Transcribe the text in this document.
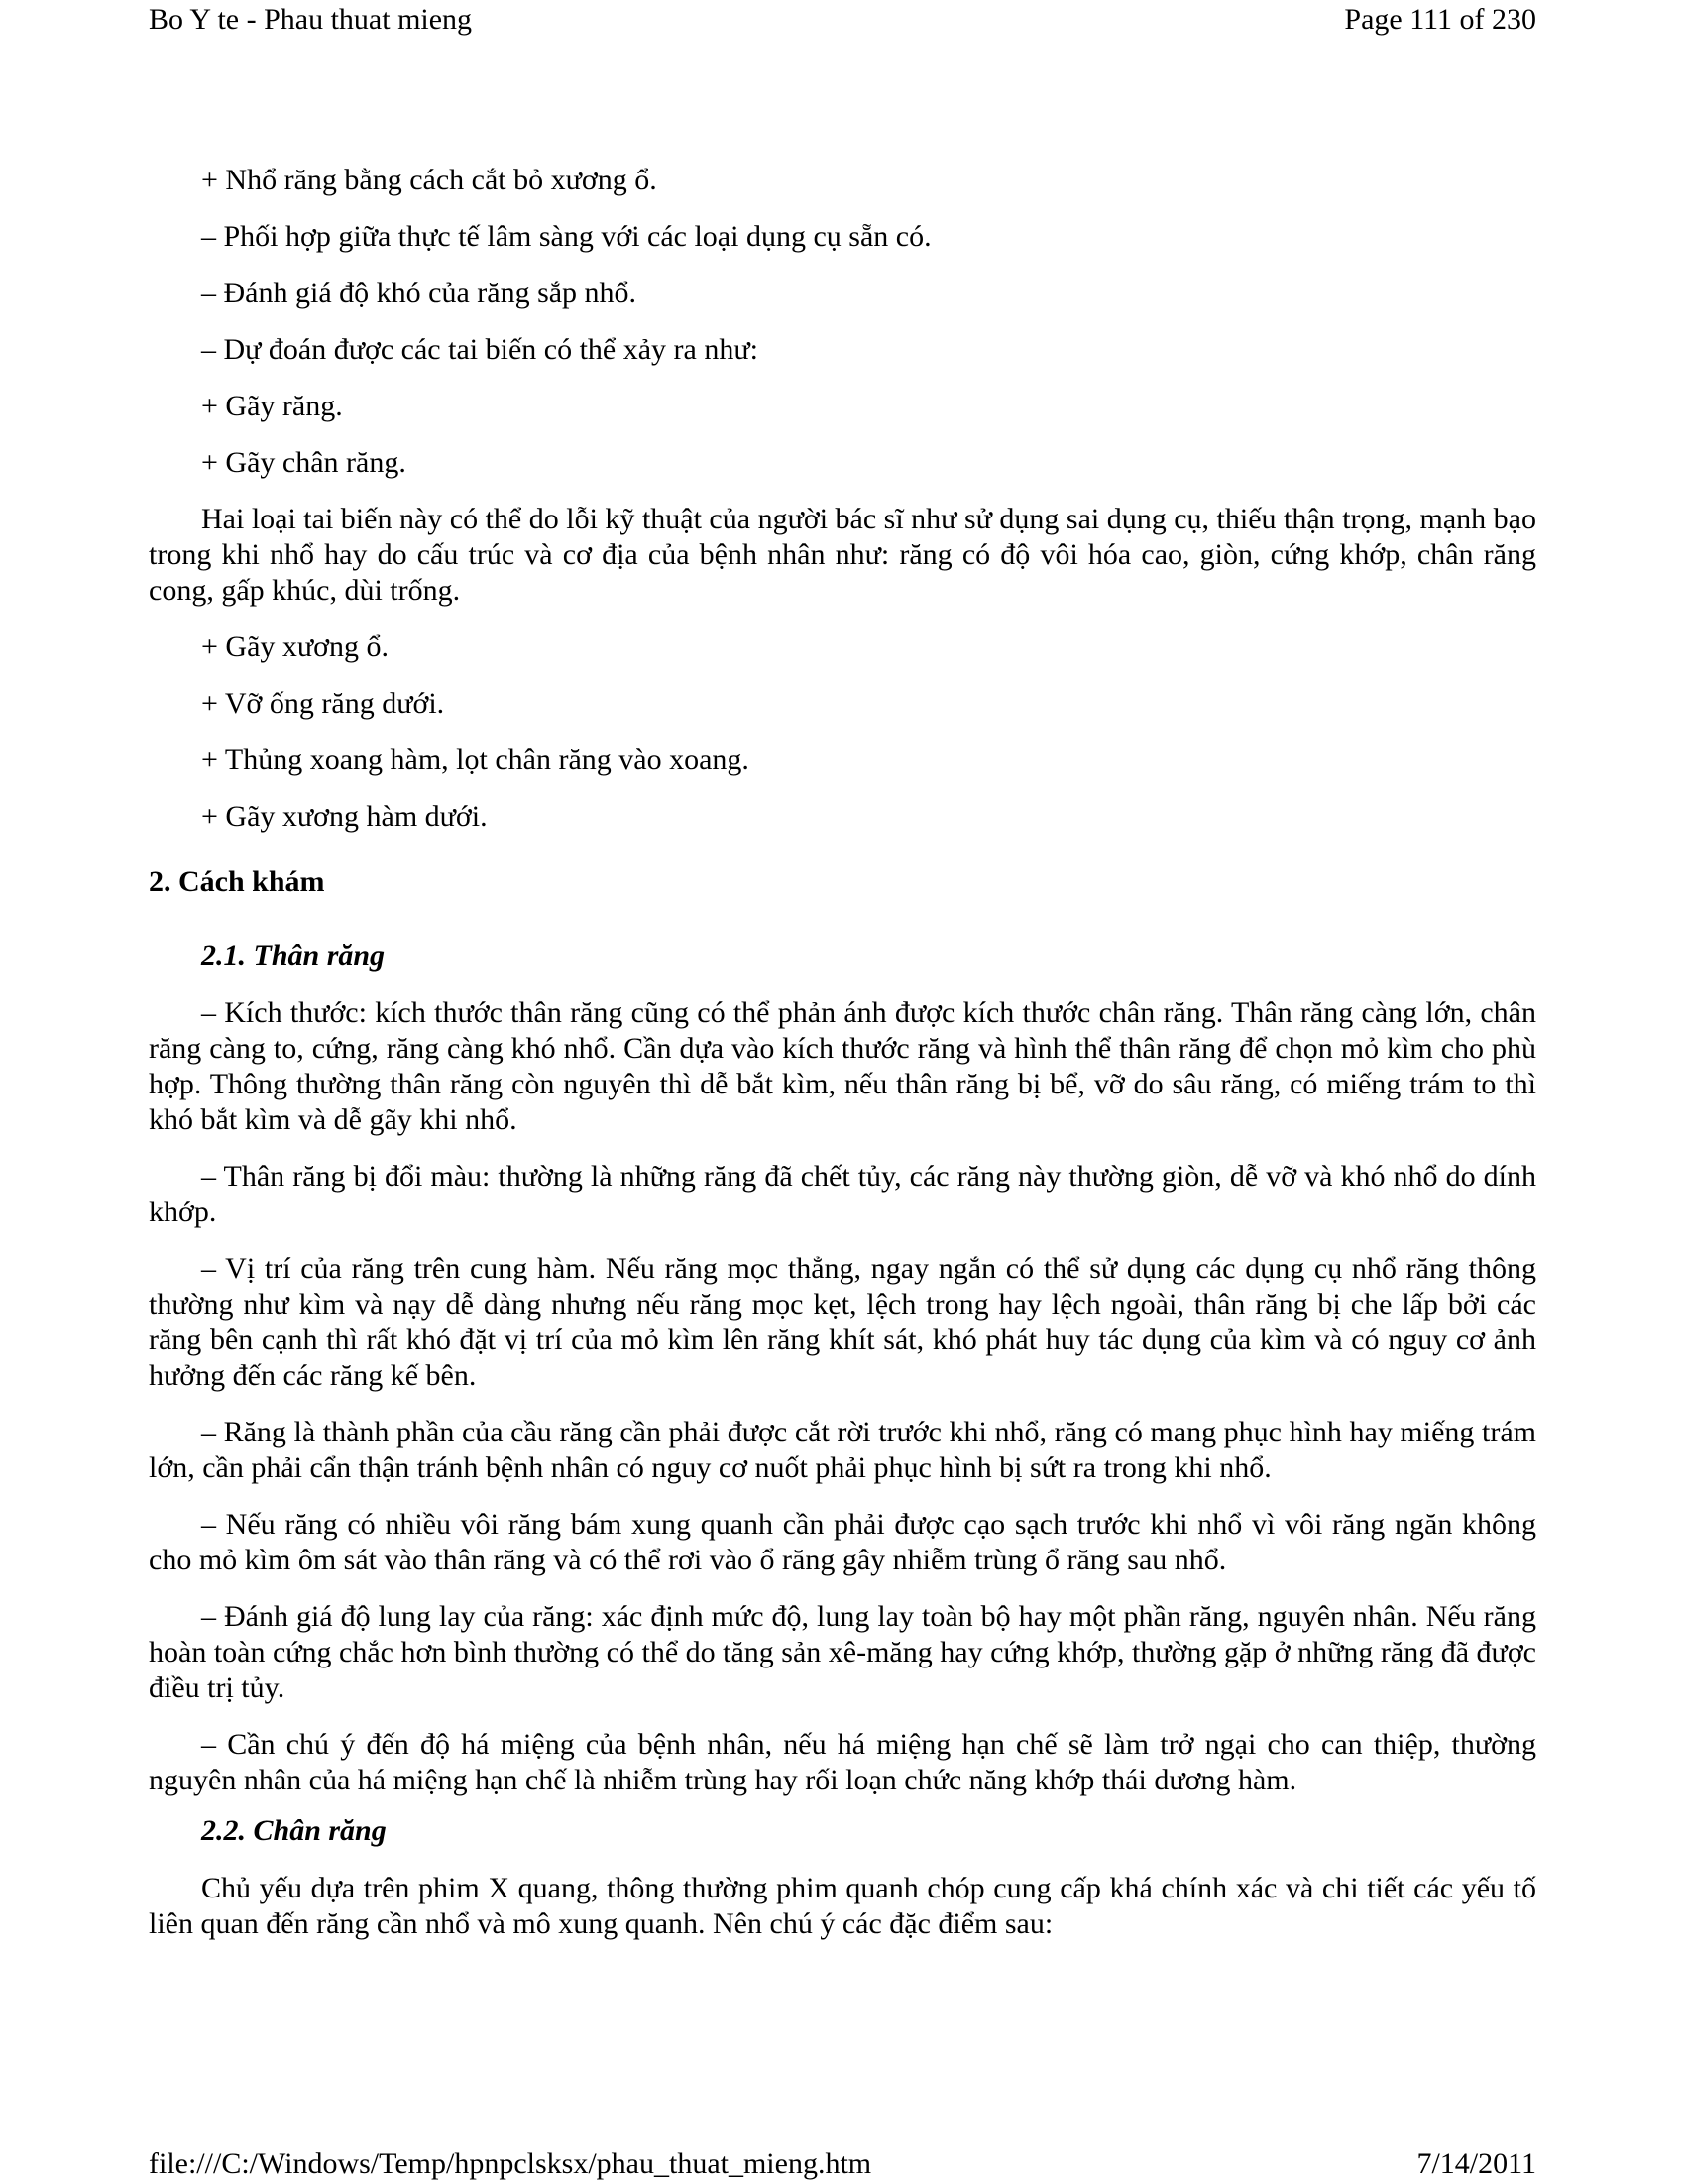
Bo Y te - Phau thuat mieng	Page 111 of 230

+ Nhổ răng bằng cách cắt bỏ xương ổ.

– Phối hợp giữa thực tế lâm sàng với các loại dụng cụ sẵn có.

– Đánh giá độ khó của răng sắp nhổ.

– Dự đoán được các tai biến có thể xảy ra như:

+ Gãy răng.

+ Gãy chân răng.

Hai loại tai biến này có thể do lỗi kỹ thuật của người bác sĩ như sử dụng sai dụng cụ, thiếu thận trọng, mạnh bạo trong khi nhổ hay do cấu trúc và cơ địa của bệnh nhân như: răng có độ vôi hóa cao, giòn, cứng khớp, chân răng cong, gấp khúc, dùi trống.

+ Gãy xương ổ.

+ Vỡ ống răng dưới.

+ Thủng xoang hàm, lọt chân răng vào xoang.

+ Gãy xương hàm dưới.

2. Cách khám

2.1. Thân răng

– Kích thước: kích thước thân răng cũng có thể phản ánh được kích thước chân răng. Thân răng càng lớn, chân răng càng to, cứng, răng càng khó nhổ. Cần dựa vào kích thước răng và hình thể thân răng để chọn mỏ kìm cho phù hợp. Thông thường thân răng còn nguyên thì dễ bắt kìm, nếu thân răng bị bể, vỡ do sâu răng, có miếng trám to thì khó bắt kìm và dễ gãy khi nhổ.

– Thân răng bị đổi màu: thường là những răng đã chết tủy, các răng này thường giòn, dễ vỡ và khó nhổ do dính khớp.

– Vị trí của răng trên cung hàm. Nếu răng mọc thẳng, ngay ngắn có thể sử dụng các dụng cụ nhổ răng thông thường như kìm và nạy dễ dàng nhưng nếu răng mọc kẹt, lệch trong hay lệch ngoài, thân răng bị che lấp bởi các răng bên cạnh thì rất khó đặt vị trí của mỏ kìm lên răng khít sát, khó phát huy tác dụng của kìm và có nguy cơ ảnh hưởng đến các răng kế bên.

– Răng là thành phần của cầu răng cần phải được cắt rời trước khi nhổ, răng có mang phục hình hay miếng trám lớn, cần phải cẩn thận tránh bệnh nhân có nguy cơ nuốt phải phục hình bị sứt ra trong khi nhổ.

– Nếu răng có nhiều vôi răng bám xung quanh cần phải được cạo sạch trước khi nhổ vì vôi răng ngăn không cho mỏ kìm ôm sát vào thân răng và có thể rơi vào ổ răng gây nhiễm trùng ổ răng sau nhổ.

– Đánh giá độ lung lay của răng: xác định mức độ, lung lay toàn bộ hay một phần răng, nguyên nhân. Nếu răng hoàn toàn cứng chắc hơn bình thường có thể do tăng sản xê-măng hay cứng khớp, thường gặp ở những răng đã được điều trị tủy.

– Cần chú ý đến độ há miệng của bệnh nhân, nếu há miệng hạn chế sẽ làm trở ngại cho can thiệp, thường nguyên nhân của há miệng hạn chế là nhiễm trùng hay rối loạn chức năng khớp thái dương hàm.

2.2. Chân răng

Chủ yếu dựa trên phim X quang, thông thường phim quanh chóp cung cấp khá chính xác và chi tiết các yếu tố liên quan đến răng cần nhổ và mô xung quanh. Nên chú ý các đặc điểm sau:

file:///C:/Windows/Temp/hpnpclsksx/phau_thuat_mieng.htm	7/14/2011
